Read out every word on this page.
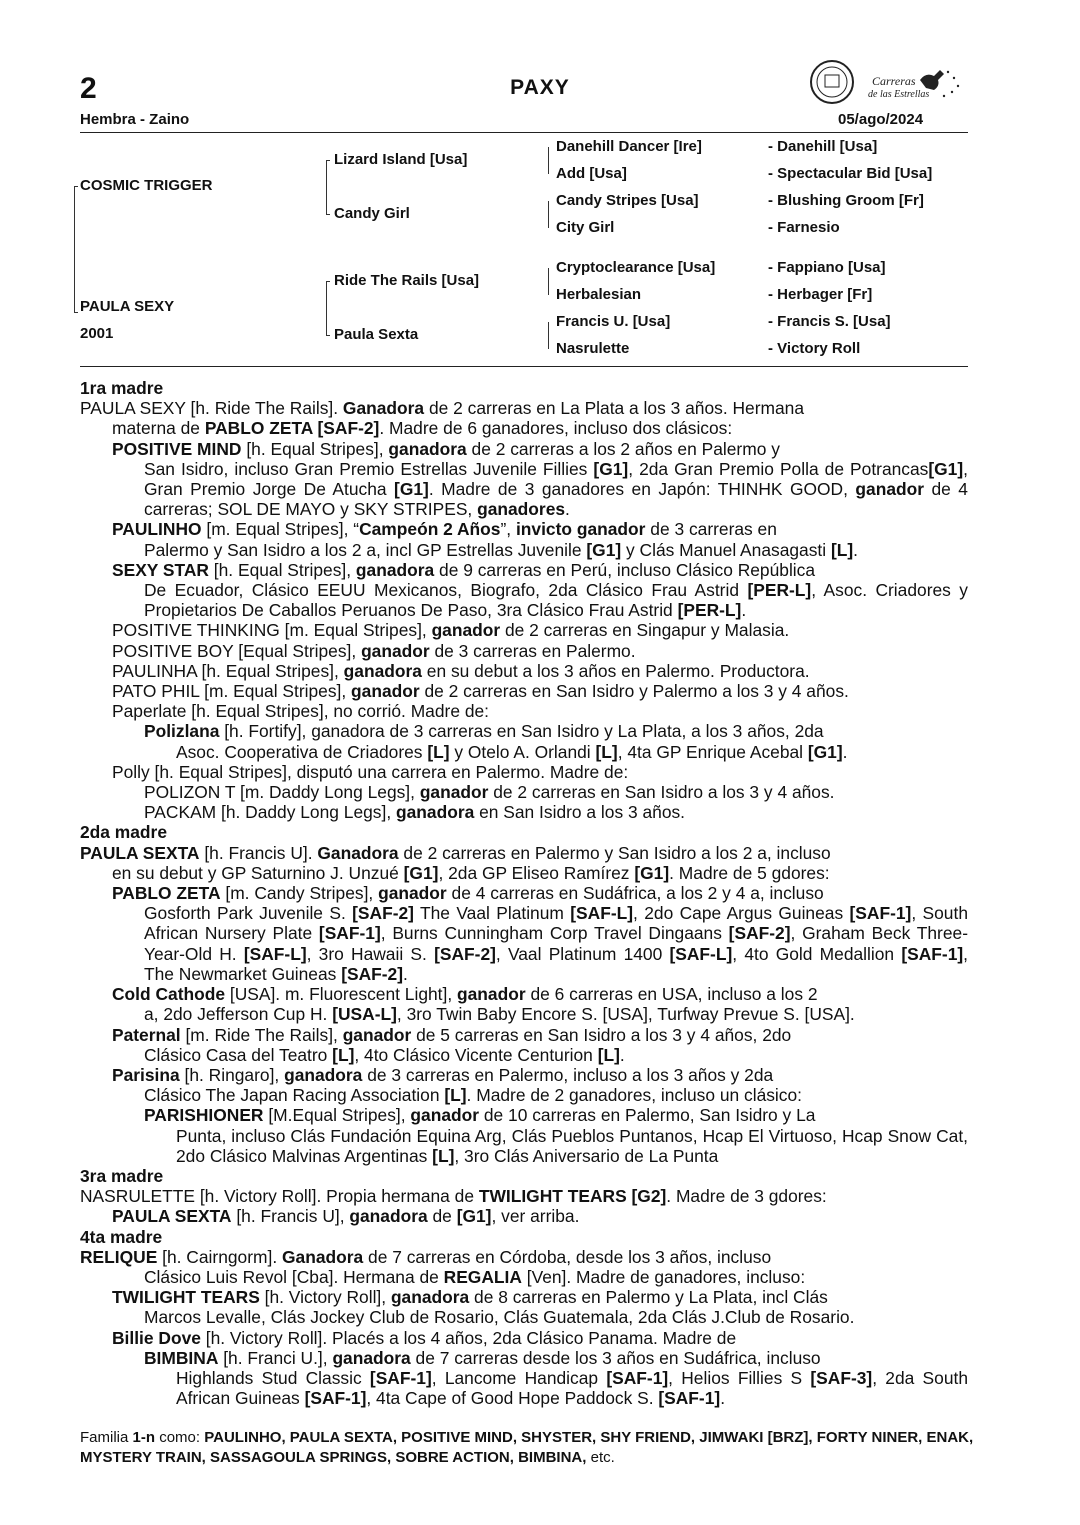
2	PAXY
Hembra - Zaino	05/ago/2024
Carreras
de las Estrellas
COSMIC TRIGGER
PAULA SEXY
2001
Lizard Island [Usa]
Candy Girl
Ride The Rails [Usa]
Paula Sexta
Danehill Dancer [Ire]
Add [Usa]
Candy Stripes [Usa]
City Girl
Cryptoclearance [Usa]
Herbalesian
Francis U. [Usa]
Nasrulette
- Danehill [Usa]
- Spectacular Bid [Usa]
- Blushing Groom [Fr]
- Farnesio
- Fappiano [Usa]
- Herbager [Fr]
- Francis S. [Usa]
- Victory Roll

1ra madre

PAULA SEXY [h. Ride The Rails]. Ganadora de 2 carreras en La Plata a los 3 años. Hermana
materna de PABLO ZETA [SAF-2]. Madre de 6 ganadores, incluso dos clásicos:

POSITIVE MIND [h. Equal Stripes], ganadora de 2 carreras a los 2 años en Palermo y
San Isidro, incluso Gran Premio Estrellas Juvenile Fillies [G1], 2da Gran Premio Polla de Potrancas[G1], Gran Premio Jorge De Atucha [G1]. Madre de 3 ganadores en Japón: THINHK GOOD, ganador de 4 carreras; SOL DE MAYO y SKY STRIPES, ganadores.

PAULINHO [m. Equal Stripes], “Campeón 2 Años”, invicto ganador de 3 carreras en
Palermo y San Isidro a los 2 a, incl GP Estrellas Juvenile [G1] y Clás Manuel Anasagasti [L].

SEXY STAR [h. Equal Stripes], ganadora de 9 carreras en Perú, incluso Clásico República
De Ecuador, Clásico EEUU Mexicanos, Biografo, 2da Clásico Frau Astrid [PER-L], Asoc. Criadores y Propietarios De Caballos Peruanos De Paso, 3ra Clásico Frau Astrid [PER-L].

POSITIVE THINKING [m. Equal Stripes], ganador de 2 carreras en Singapur y Malasia.

POSITIVE BOY [Equal Stripes], ganador de 3 carreras en Palermo.

PAULINHA [h. Equal Stripes], ganadora en su debut a los 3 años en Palermo. Productora.

PATO PHIL [m. Equal Stripes], ganador de 2 carreras en San Isidro y Palermo a los 3 y 4 años.

Paperlate [h. Equal Stripes], no corrió. Madre de:

Polizlana [h. Fortify], ganadora de 3 carreras en San Isidro y La Plata, a los 3 años, 2da
Asoc. Cooperativa de Criadores [L] y Otelo A. Orlandi [L], 4ta GP Enrique Acebal [G1].

Polly [h. Equal Stripes], disputó una carrera en Palermo. Madre de:

POLIZON T [m. Daddy Long Legs], ganador de 2 carreras en San Isidro a los 3 y 4 años.

PACKAM [h. Daddy Long Legs], ganadora en San Isidro a los 3 años.

2da madre

PAULA SEXTA [h. Francis U]. Ganadora de 2 carreras en Palermo y San Isidro a los 2 a, incluso
en su debut y GP Saturnino J. Unzué [G1], 2da GP Eliseo Ramírez [G1]. Madre de 5 gdores:

PABLO ZETA [m. Candy Stripes], ganador de 4 carreras en Sudáfrica, a los 2 y 4 a, incluso
Gosforth Park Juvenile S. [SAF-2] The Vaal Platinum [SAF-L], 2do Cape Argus Guineas [SAF-1], South African Nursery Plate [SAF-1], Burns Cunningham Corp Travel Dingaans [SAF-2], Graham Beck Three-Year-Old H. [SAF-L], 3ro Hawaii S. [SAF-2], Vaal Platinum 1400 [SAF-L], 4to Gold Medallion [SAF-1], The Newmarket Guineas [SAF-2].

Cold Cathode [USA]. m. Fluorescent Light], ganador de 6 carreras en USA, incluso a los 2
a, 2do Jefferson Cup H. [USA-L], 3ro Twin Baby Encore S. [USA], Turfway Prevue S. [USA].

Paternal [m. Ride The Rails], ganador de 5 carreras en San Isidro a los 3 y 4 años, 2do
Clásico Casa del Teatro [L], 4to Clásico Vicente Centurion [L].

Parisina [h. Ringaro], ganadora de 3 carreras en Palermo, incluso a los 3 años y 2da
Clásico The Japan Racing Association [L]. Madre de 2 ganadores, incluso un clásico:

PARISHIONER [M.Equal Stripes], ganador de 10 carreras en Palermo, San Isidro y La
Punta, incluso Clás Fundación Equina Arg, Clás Pueblos Puntanos, Hcap El Virtuoso, Hcap Snow Cat, 2do Clásico Malvinas Argentinas [L], 3ro Clás Aniversario de La Punta

3ra madre

NASRULETTE [h. Victory Roll]. Propia hermana de TWILIGHT TEARS [G2]. Madre de 3 gdores:

PAULA SEXTA [h. Francis U], ganadora de [G1], ver arriba.

4ta madre

RELIQUE [h. Cairngorm]. Ganadora de 7 carreras en Córdoba, desde los 3 años, incluso
Clásico Luis Revol [Cba]. Hermana de REGALIA [Ven]. Madre de ganadores, incluso:

TWILIGHT TEARS [h. Victory Roll], ganadora de 8 carreras en Palermo y La Plata, incl Clás
Marcos Levalle, Clás Jockey Club de Rosario, Clás Guatemala, 2da Clás J.Club de Rosario.

Billie Dove [h. Victory Roll]. Placés a los 4 años, 2da Clásico Panama. Madre de

BIMBINA [h. Franci U.], ganadora de 7 carreras desde los 3 años en Sudáfrica, incluso
Highlands Stud Classic [SAF-1], Lancome Handicap [SAF-1], Helios Fillies S [SAF-3], 2da South African Guineas [SAF-1], 4ta Cape of Good Hope Paddock S. [SAF-1].

Familia 1-n como: PAULINHO, PAULA SEXTA, POSITIVE MIND, SHYSTER, SHY FRIEND, JIMWAKI [BRZ], FORTY NINER, ENAK, MYSTERY TRAIN, SASSAGOULA SPRINGS, SOBRE ACTION, BIMBINA, etc.
